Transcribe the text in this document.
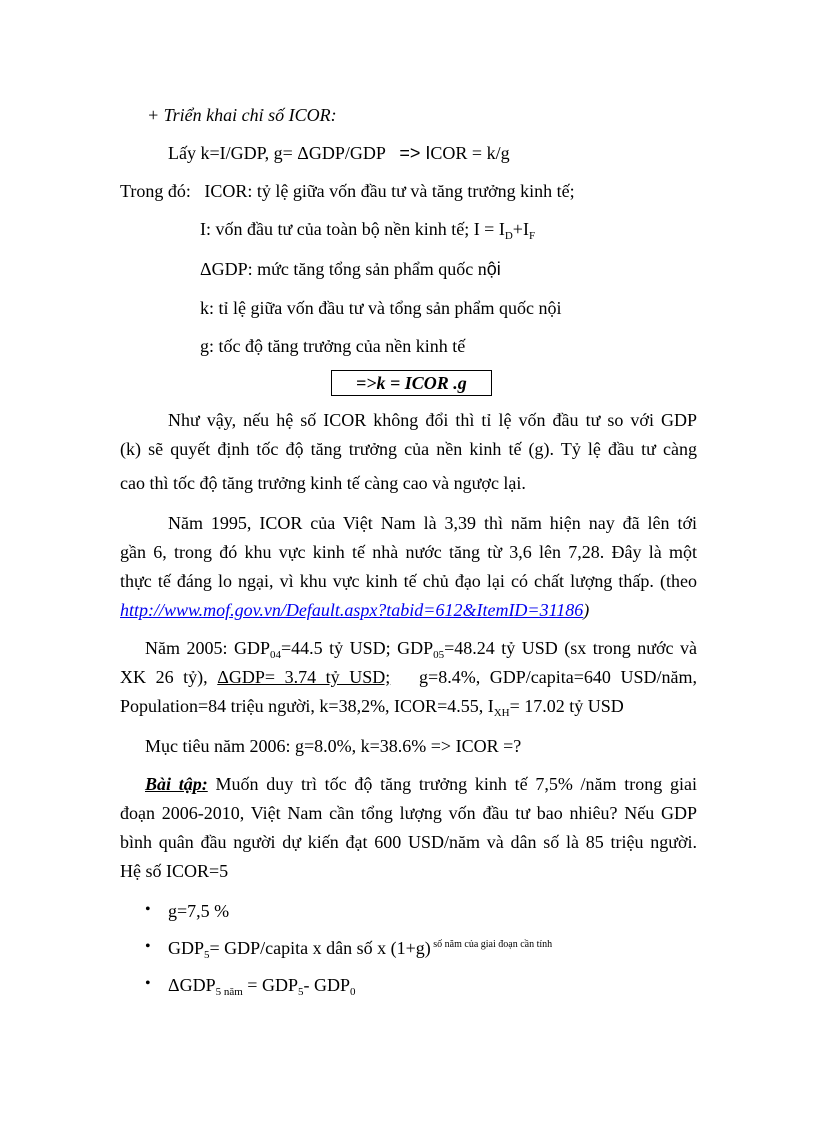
+ Triển khai chỉ số ICOR:
Lấy k=I/GDP, g= ΔGDP/GDP => ICOR = k/g
Trong đó: ICOR: tỷ lệ giữa vốn đầu tư và tăng trưởng kinh tế;
I: vốn đầu tư của toàn bộ nền kinh tế; $I = I_D+I_F$
ΔGDP: mức tăng tổng sản phẩm quốc nội
k: tỉ lệ giữa vốn đầu tư và tổng sản phẩm quốc nội
g: tốc độ tăng trưởng của nền kinh tế
=>k = ICOR .g
Như vậy, nếu hệ số ICOR không đổi thì tỉ lệ vốn đầu tư so với GDP
(k) sẽ quyết định tốc độ tăng trưởng của nền kinh tế (g). Tỷ lệ đầu tư càng
cao thì tốc độ tăng trưởng kinh tế càng cao và ngược lại.
Năm 1995, ICOR của Việt Nam là 3,39 thì năm hiện nay đã lên tới
gần 6, trong đó khu vực kinh tế nhà nước tăng từ 3,6 lên 7,28. Đây là một
thực tế đáng lo ngại, vì khu vực kinh tế chủ đạo lại có chất lượng thấp. (theo
http://www.mof.gov.vn/Default.aspx?tabid=612&ItemID=31186)
Năm 2005: $GDP_{04}=44.5$ tỷ USD; $GDP_{05}=48.24$ tỷ USD (sx trong nước và
XK 26 tỷ), ΔGDP= 3.74 tỷ USD; g=8.4%, GDP/capita=640 USD/năm,
Population=84 triệu người, k=38,2%, ICOR=4.55, $I_{XH}= 17.02$ tỷ USD
Mục tiêu năm 2006: g=8.0%, k=38.6% => ICOR =?
Bài tập: Muốn duy trì tốc độ tăng trưởng kinh tế 7,5% /năm trong giai
đoạn 2006-2010, Việt Nam cần tổng lượng vốn đầu tư bao nhiêu? Nếu GDP
bình quân đầu người dự kiến đạt 600 USD/năm và dân số là 85 triệu người.
Hệ số ICOR=5
• g=7,5 %
• $GDP_5=$ GDP/capita x dân số x (1+g) $^{số năm của giai đoạn cần tính}$
• $\Delta GDP_{5 năm} = GDP_5-$ $GDP_0$
